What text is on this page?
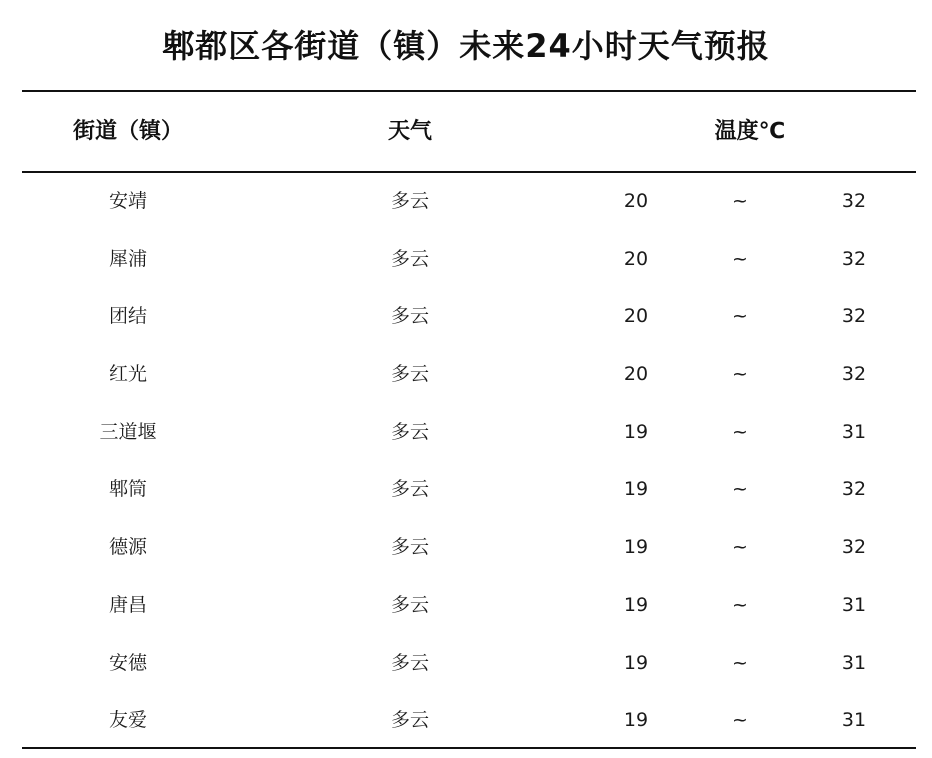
郫都区各街道（镇）未来24小时天气预报
街道（镇）	天气	温度℃
安靖	多云	20	~	32
犀浦	多云	20	~	32
团结	多云	20	~	32
红光	多云	20	~	32
三道堰	多云	19	~	31
郫筒	多云	19	~	32
德源	多云	19	~	32
唐昌	多云	19	~	31
安德	多云	19	~	31
友爱	多云	19	~	31
